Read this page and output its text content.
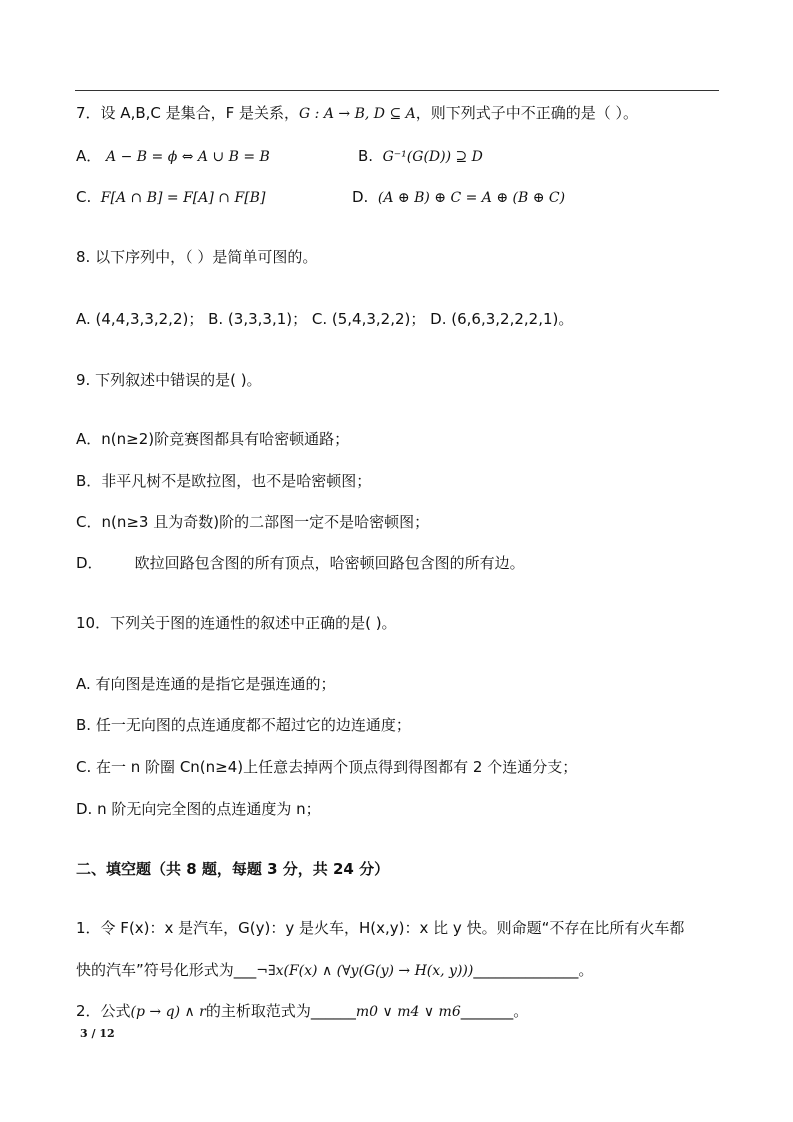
7．设 A,B,C 是集合，F 是关系，G : A → B, D ⊆ A，则下列式子中不正确的是（ ）。
A． A − B = ϕ ⇔ A ∪ B = B	B. G⁻¹(G(D)) ⊇ D
C. F[A ∩ B] = F[A] ∩ F[B]	D. (A ⊕ B) ⊕ C = A ⊕ (B ⊕ C)
8. 以下序列中，（ ）是简单可图的。
A. (4,4,3,3,2,2)； B. (3,3,3,1)； C. (5,4,3,2,2)； D. (6,6,3,2,2,2,1)。
9. 下列叙述中错误的是( )。
A．n(n≥2)阶竞赛图都具有哈密顿通路；
B．非平凡树不是欧拉图，也不是哈密顿图；
C．n(n≥3 且为奇数)阶的二部图一定不是哈密顿图；
D． 欧拉回路包含图的所有顶点，哈密顿回路包含图的所有边。
10．下列关于图的连通性的叙述中正确的是( )。
A. 有向图是连通的是指它是强连通的；
B. 任一无向图的点连通度都不超过它的边连通度；
C. 在一 n 阶圈 Cn(n≥4)上任意去掉两个顶点得到得图都有 2 个连通分支；
D. n 阶无向完全图的点连通度为 n；
二、填空题（共 8 题，每题 3 分，共 24 分）
1．令 F(x)：x 是汽车，G(y)：y 是火车，H(x,y)：x 比 y 快。则命题“不存在比所有火车都
快的汽车”符号化形式为___¬∃x(F(x) ∧ (∀y(G(y) → H(x, y)))______________。
2．公式(p → q) ∧ r的主析取范式为______m0 ∨ m4 ∨ m6_______。
3 / 12
